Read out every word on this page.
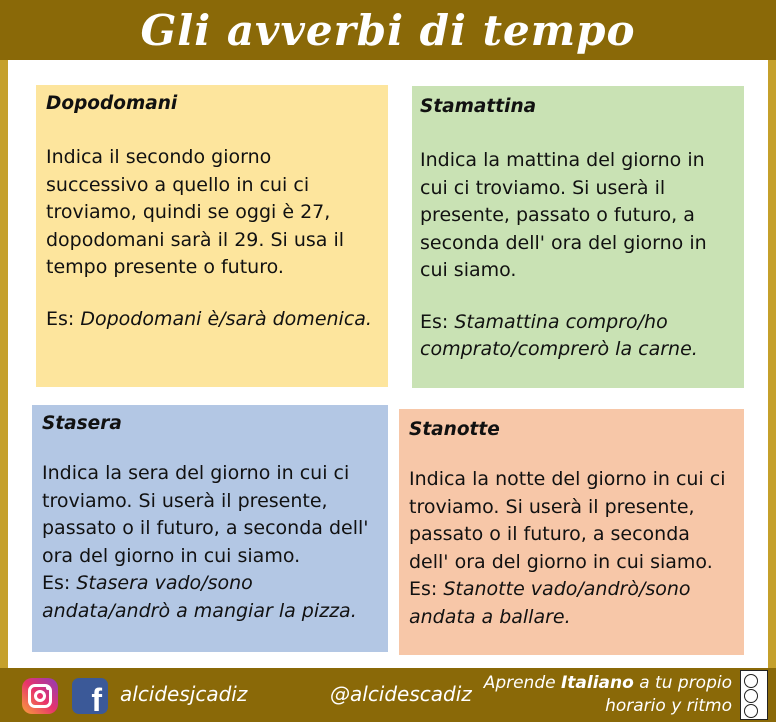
Gli avverbi di tempo
Dopodomani
Indica il secondo giorno successivo a quello in cui ci troviamo, quindi se oggi è 27, dopodomani sarà il 29. Si usa il tempo presente o futuro.
Es: Dopodomani è/sarà domenica.
Stamattina
Indica la mattina del giorno in cui ci troviamo. Si userà il presente, passato o futuro, a seconda dell' ora del giorno in cui siamo.
Es: Stamattina compro/ho comprato/comprerò la carne.
Stasera
Indica la sera del giorno in cui ci troviamo. Si userà il presente, passato o il futuro, a seconda dell' ora del giorno in cui siamo.
Es: Stasera vado/sono andata/andrò a mangiar la pizza.
Stanotte
Indica la notte del giorno in cui ci troviamo. Si userà il presente, passato o il futuro, a seconda dell' ora del giorno in cui siamo.
Es: Stanotte vado/andrò/sono andata a ballare.
f alcidesjcadiz	@alcidescadiz Aprende Italiano a tu propio
horario y ritmo
